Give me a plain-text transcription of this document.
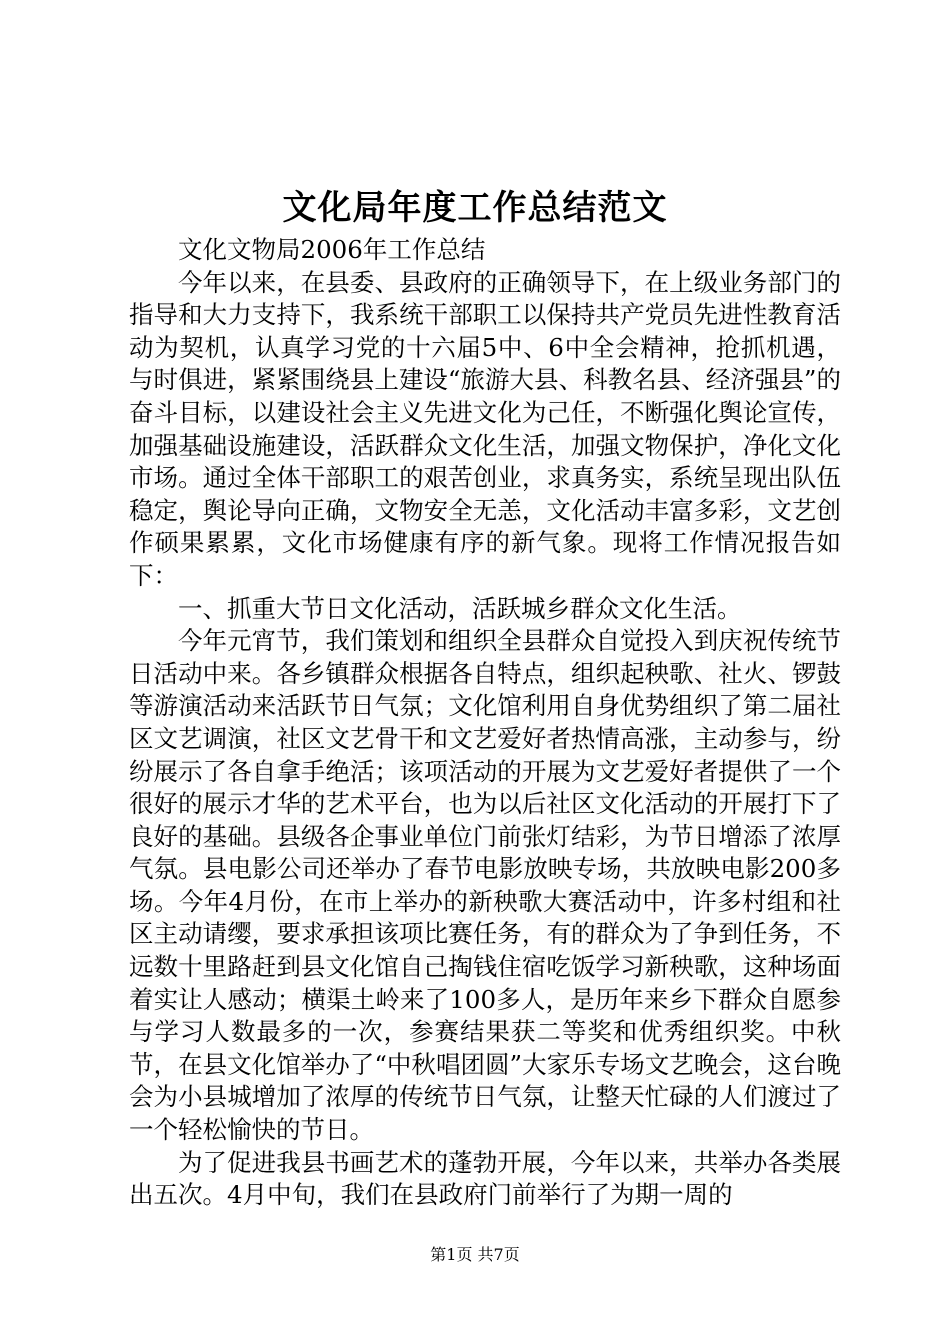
文化局年度工作总结范文

文化文物局2006年工作总结

今年以来，在县委、县政府的正确领导下，在上级业务部门的指导和大力支持下，我系统干部职工以保持共产党员先进性教育活动为契机，认真学习党的十六届5中、6中全会精神，抢抓机遇，与时俱进，紧紧围绕县上建设“旅游大县、科教名县、经济强县”的奋斗目标，以建设社会主义先进文化为己任，不断强化舆论宣传，加强基础设施建设，活跃群众文化生活，加强文物保护，净化文化市场。通过全体干部职工的艰苦创业，求真务实，系统呈现出队伍稳定，舆论导向正确，文物安全无恙，文化活动丰富多彩，文艺创作硕果累累，文化市场健康有序的新气象。现将工作情况报告如下：

一、抓重大节日文化活动，活跃城乡群众文化生活。

今年元宵节，我们策划和组织全县群众自觉投入到庆祝传统节日活动中来。各乡镇群众根据各自特点，组织起秧歌、社火、锣鼓等游演活动来活跃节日气氛；文化馆利用自身优势组织了第二届社区文艺调演，社区文艺骨干和文艺爱好者热情高涨，主动参与，纷纷展示了各自拿手绝活；该项活动的开展为文艺爱好者提供了一个很好的展示才华的艺术平台，也为以后社区文化活动的开展打下了良好的基础。县级各企事业单位门前张灯结彩，为节日增添了浓厚气氛。县电影公司还举办了春节电影放映专场，共放映电影200多场。今年4月份，在市上举办的新秧歌大赛活动中，许多村组和社区主动请缨，要求承担该项比赛任务，有的群众为了争到任务，不远数十里路赶到县文化馆自己掏钱住宿吃饭学习新秧歌，这种场面着实让人感动；横渠土岭来了100多人，是历年来乡下群众自愿参与学习人数最多的一次，参赛结果获二等奖和优秀组织奖。中秋节，在县文化馆举办了“中秋唱团圆”大家乐专场文艺晚会，这台晚会为小县城增加了浓厚的传统节日气氛，让整天忙碌的人们渡过了一个轻松愉快的节日。

为了促进我县书画艺术的蓬勃开展，今年以来，共举办各类展出五次。4月中旬，我们在县政府门前举行了为期一周的

第1页 共7页
